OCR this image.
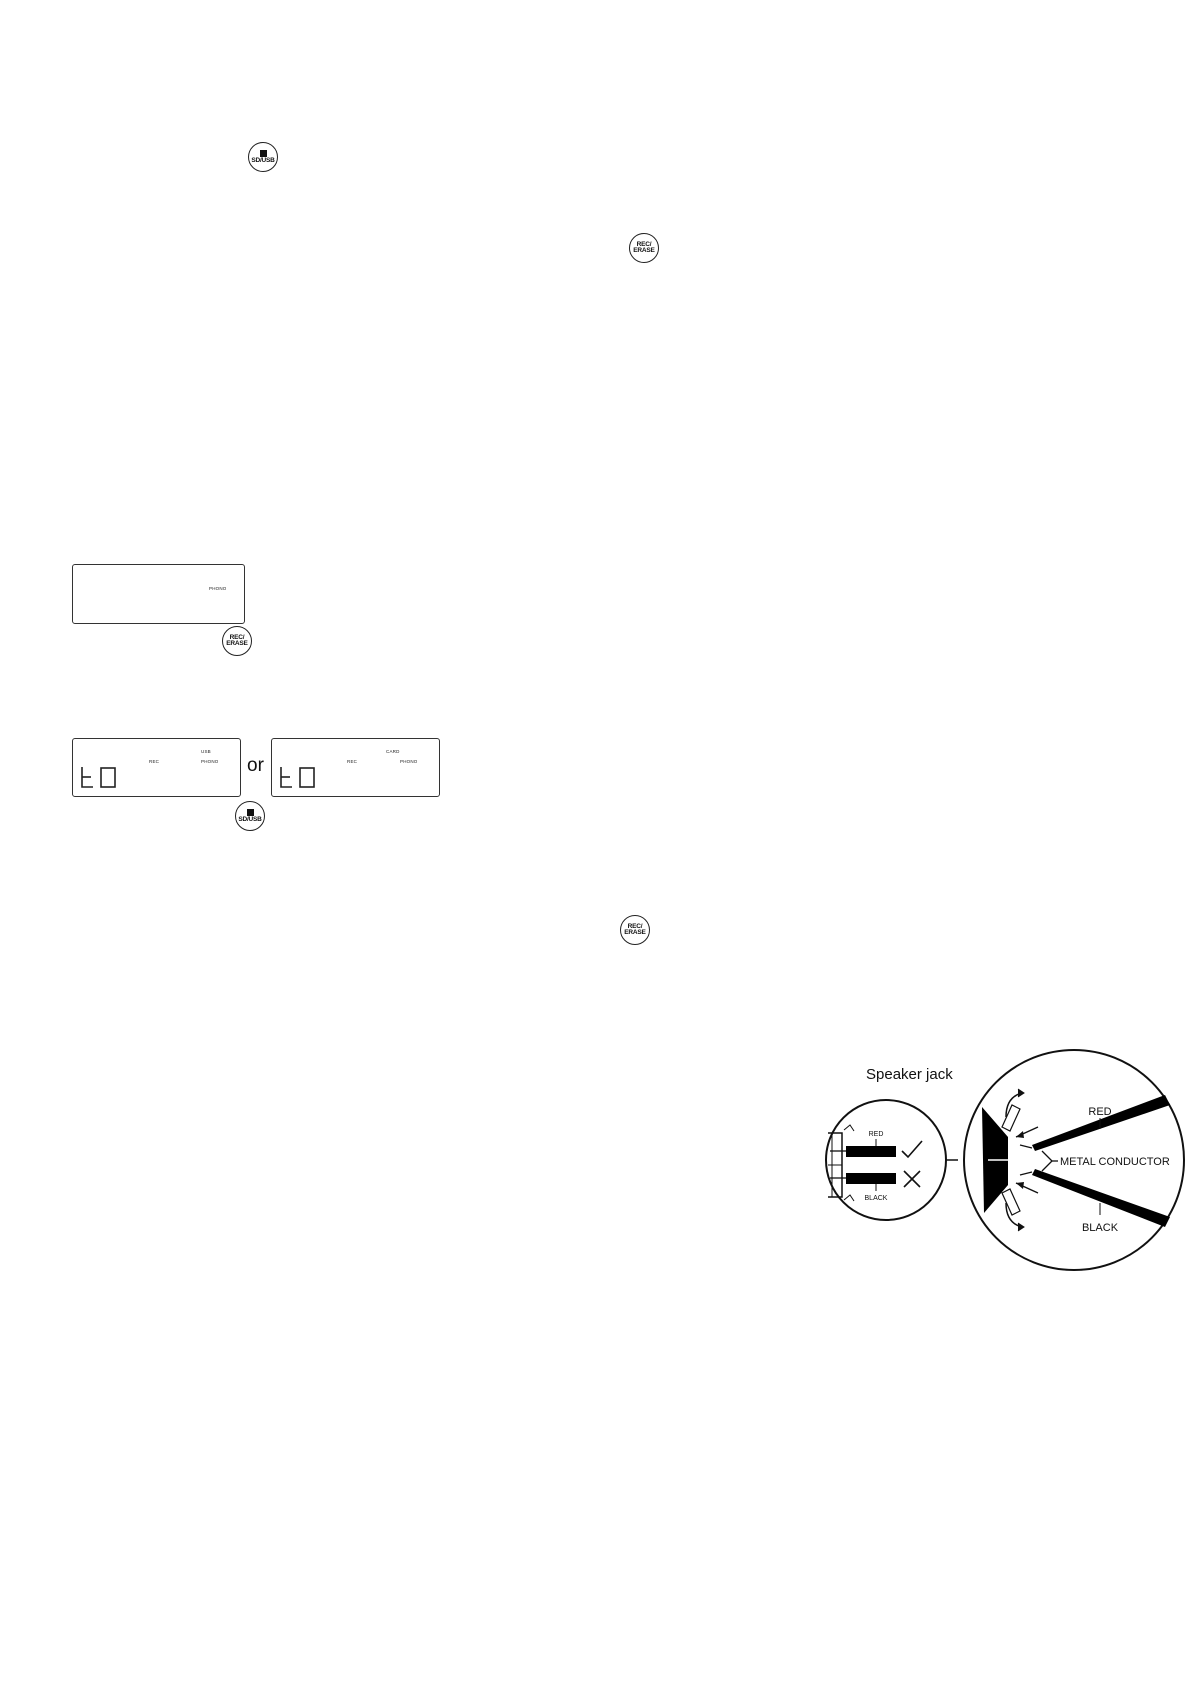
SD/USB
REC/
ERASE
PHONO
REC/
ERASE
USB
REC	PHONO or
CARD
REC	PHONO
SD/USB
REC/
ERASE
Speaker jack
RED
BLACK
RED
BLACK
METAL CONDUCTOR
